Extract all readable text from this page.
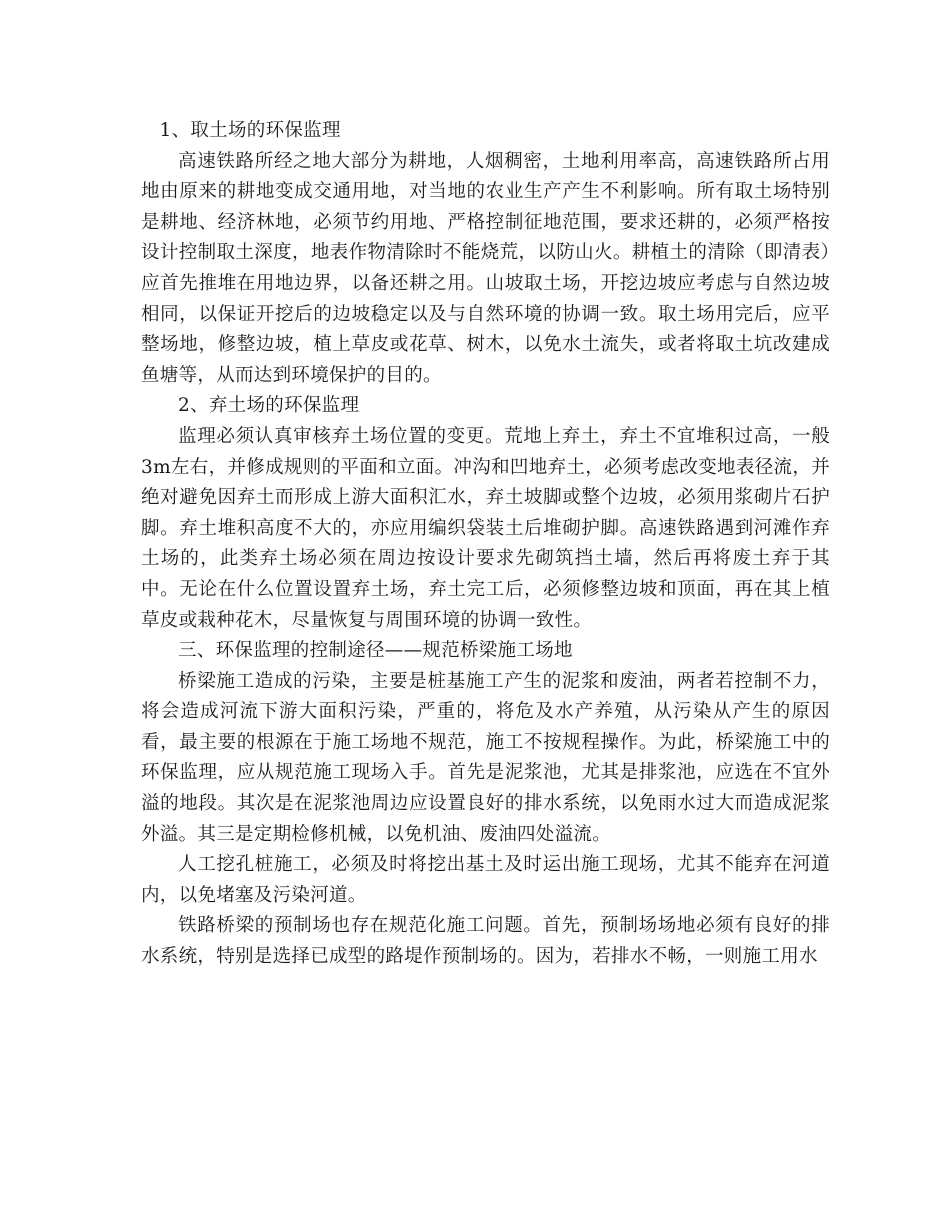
1、取土场的环保监理

高速铁路所经之地大部分为耕地，人烟稠密，土地利用率高，高速铁路所占用地由原来的耕地变成交通用地，对当地的农业生产产生不利影响。所有取土场特别是耕地、经济林地，必须节约用地、严格控制征地范围，要求还耕的，必须严格按设计控制取土深度，地表作物清除时不能烧荒，以防山火。耕植土的清除（即清表）应首先推堆在用地边界，以备还耕之用。山坡取土场，开挖边坡应考虑与自然边坡相同，以保证开挖后的边坡稳定以及与自然环境的协调一致。取土场用完后，应平整场地，修整边坡，植上草皮或花草、树木，以免水土流失，或者将取土坑改建成鱼塘等，从而达到环境保护的目的。

2、弃土场的环保监理

监理必须认真审核弃土场位置的变更。荒地上弃土，弃土不宜堆积过高，一般3m左右，并修成规则的平面和立面。冲沟和凹地弃土，必须考虑改变地表径流，并绝对避免因弃土而形成上游大面积汇水，弃土坡脚或整个边坡，必须用浆砌片石护脚。弃土堆积高度不大的，亦应用编织袋装土后堆砌护脚。高速铁路遇到河滩作弃土场的，此类弃土场必须在周边按设计要求先砌筑挡土墙，然后再将废土弃于其中。无论在什么位置设置弃土场，弃土完工后，必须修整边坡和顶面，再在其上植草皮或栽种花木，尽量恢复与周围环境的协调一致性。

三、环保监理的控制途径——规范桥梁施工场地

桥梁施工造成的污染，主要是桩基施工产生的泥浆和废油，两者若控制不力，将会造成河流下游大面积污染，严重的，将危及水产养殖，从污染从产生的原因看，最主要的根源在于施工场地不规范，施工不按规程操作。为此，桥梁施工中的环保监理，应从规范施工现场入手。首先是泥浆池，尤其是排浆池，应选在不宜外溢的地段。其次是在泥浆池周边应设置良好的排水系统，以免雨水过大而造成泥浆外溢。其三是定期检修机械，以免机油、废油四处溢流。

人工挖孔桩施工，必须及时将挖出基土及时运出施工现场，尤其不能弃在河道内，以免堵塞及污染河道。

铁路桥梁的预制场也存在规范化施工问题。首先，预制场场地必须有良好的排水系统，特别是选择已成型的路堤作预制场的。因为，若排水不畅，一则施工用水
